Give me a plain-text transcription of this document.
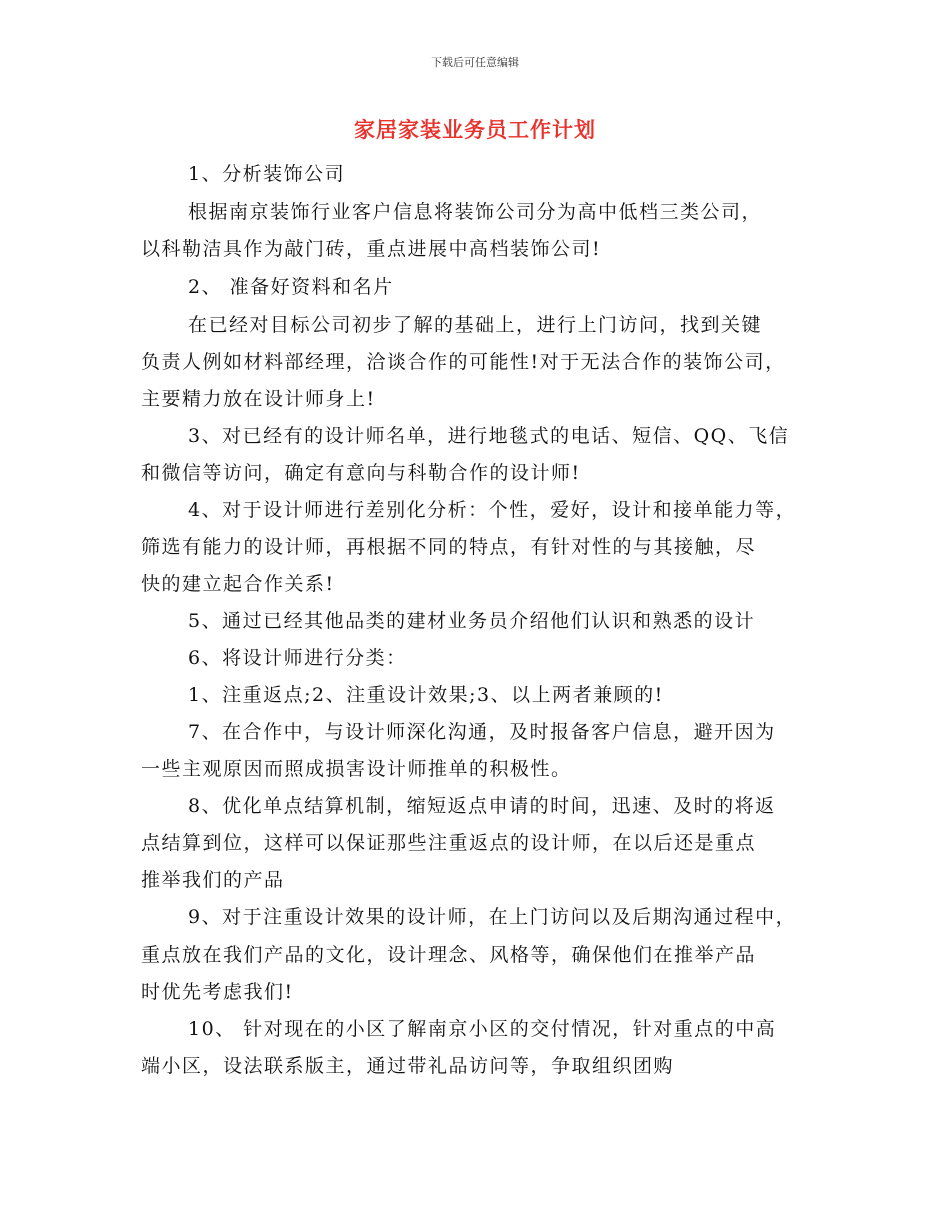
下载后可任意编辑
家居家装业务员工作计划
1、分析装饰公司
根据南京装饰行业客户信息将装饰公司分为高中低档三类公司，
以科勒洁具作为敲门砖，重点进展中高档装饰公司!
2、 准备好资料和名片
在已经对目标公司初步了解的基础上，进行上门访问，找到关键
负责人例如材料部经理，洽谈合作的可能性!对于无法合作的装饰公司，
主要精力放在设计师身上!
3、对已经有的设计师名单，进行地毯式的电话、短信、QQ、飞信
和微信等访问，确定有意向与科勒合作的设计师!
4、对于设计师进行差别化分析：个性，爱好，设计和接单能力等，
筛选有能力的设计师，再根据不同的特点，有针对性的与其接触，尽
快的建立起合作关系!
5、通过已经其他品类的建材业务员介绍他们认识和熟悉的设计
6、将设计师进行分类：
1、注重返点;2、注重设计效果;3、以上两者兼顾的!
7、在合作中，与设计师深化沟通，及时报备客户信息，避开因为
一些主观原因而照成损害设计师推单的积极性。
8、优化单点结算机制，缩短返点申请的时间，迅速、及时的将返
点结算到位，这样可以保证那些注重返点的设计师，在以后还是重点
推举我们的产品
9、对于注重设计效果的设计师，在上门访问以及后期沟通过程中，
重点放在我们产品的文化，设计理念、风格等，确保他们在推举产品
时优先考虑我们!
10、 针对现在的小区了解南京小区的交付情况，针对重点的中高
端小区，设法联系版主，通过带礼品访问等，争取组织团购
